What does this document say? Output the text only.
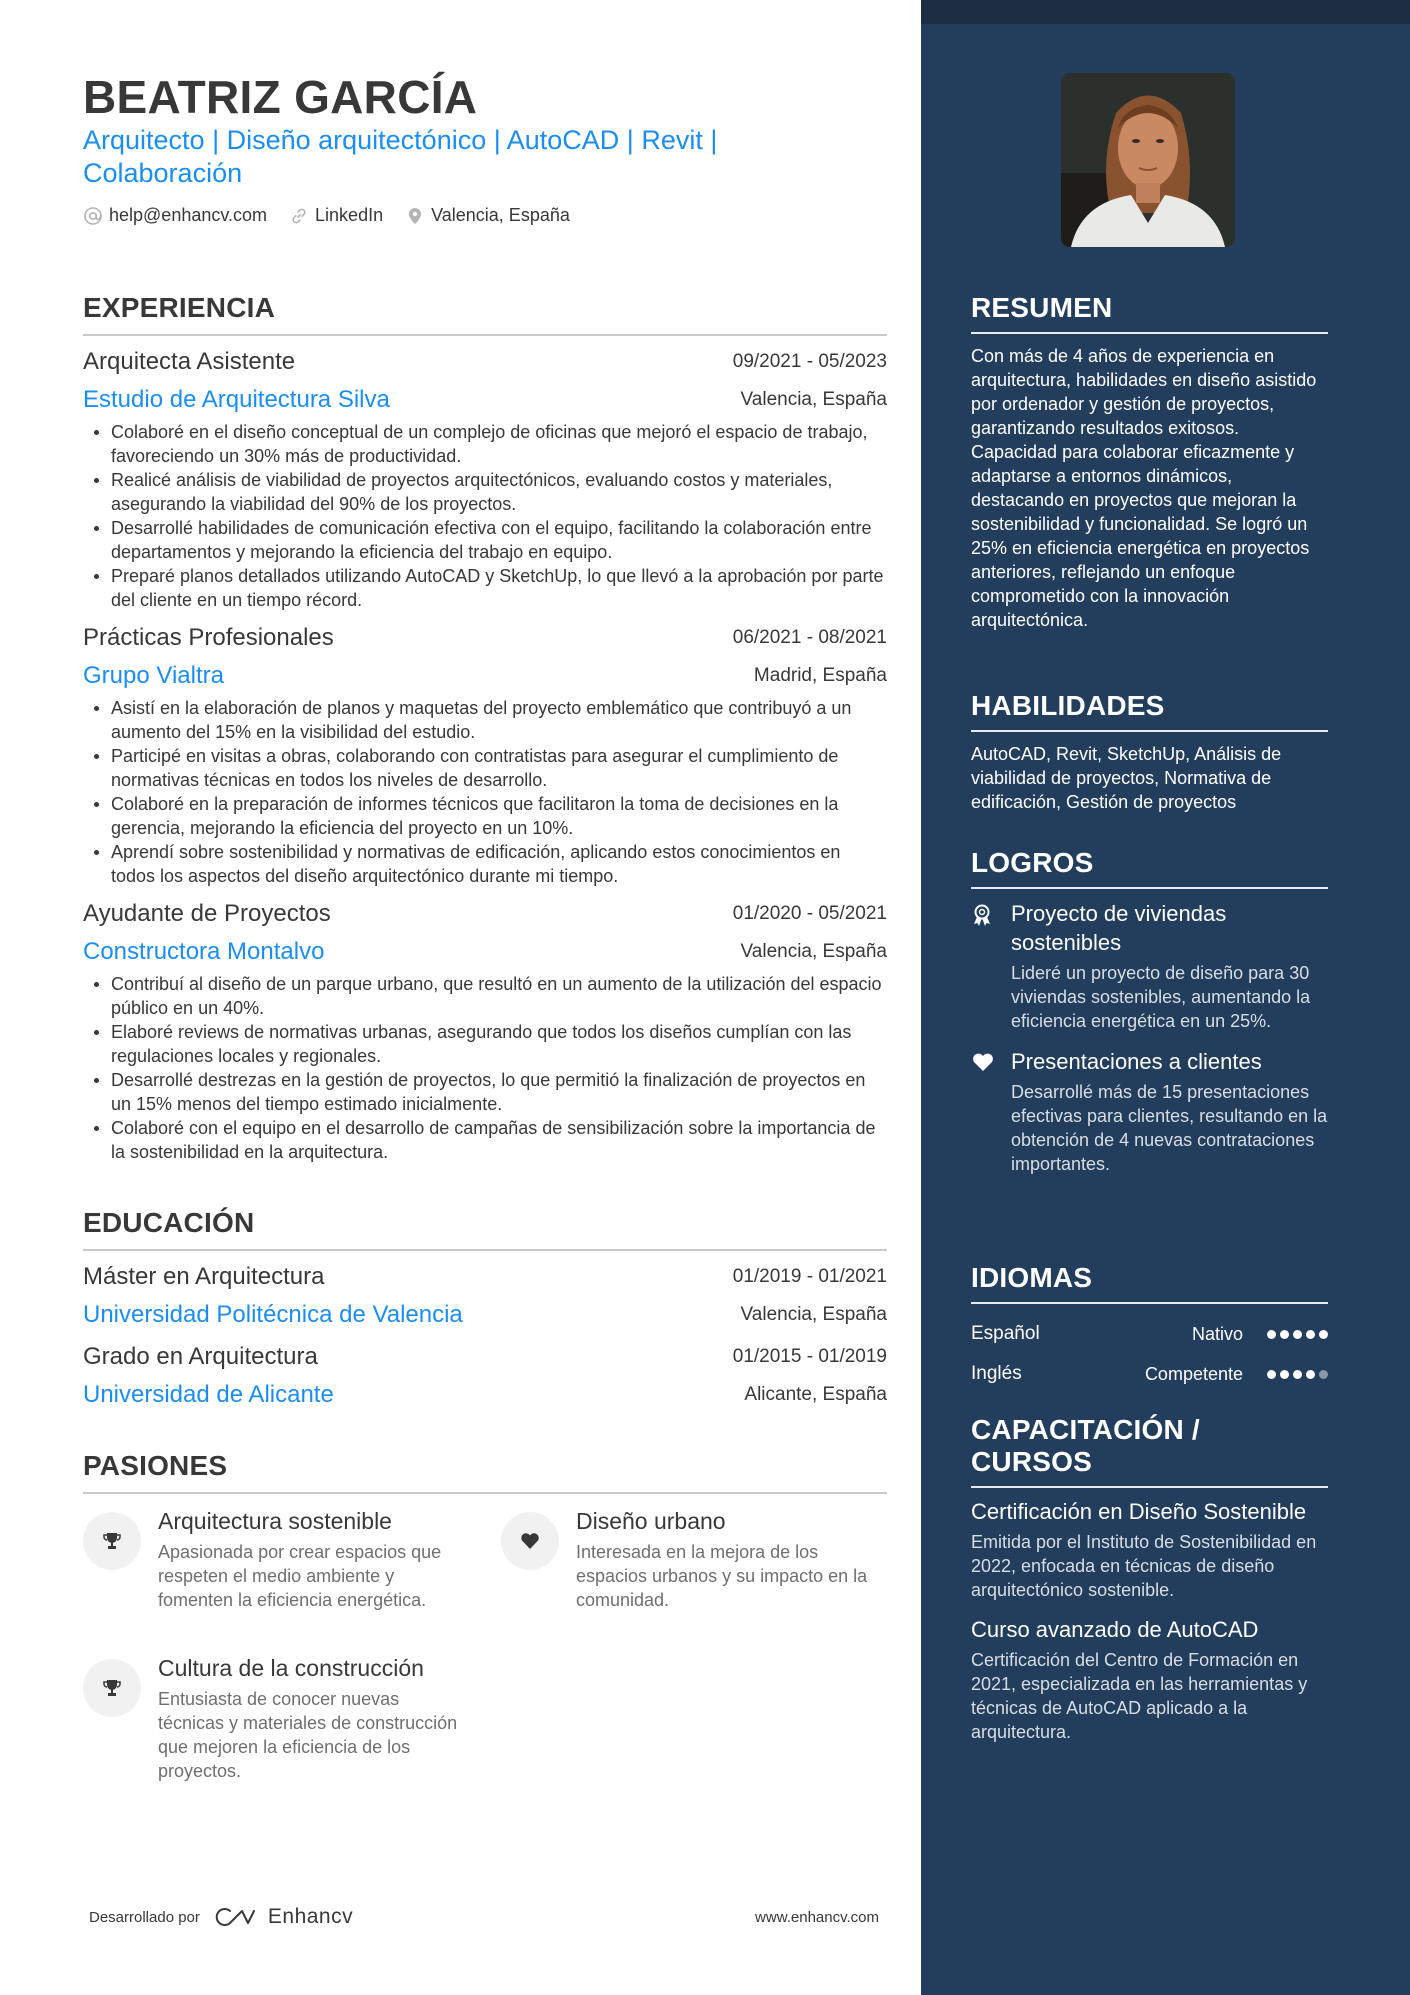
BEATRIZ GARCÍA
Arquitecto | Diseño arquitectónico | AutoCAD | Revit | Colaboración
help@enhancv.com	LinkedIn	Valencia, España
EXPERIENCIA
Arquitecta Asistente	09/2021 - 05/2023
Estudio de Arquitectura Silva	Valencia, España
Colaboré en el diseño conceptual de un complejo de oficinas que mejoró el espacio de trabajo, favoreciendo un 30% más de productividad.
Realicé análisis de viabilidad de proyectos arquitectónicos, evaluando costos y materiales, asegurando la viabilidad del 90% de los proyectos.
Desarrollé habilidades de comunicación efectiva con el equipo, facilitando la colaboración entre departamentos y mejorando la eficiencia del trabajo en equipo.
Preparé planos detallados utilizando AutoCAD y SketchUp, lo que llevó a la aprobación por parte del cliente en un tiempo récord.
Prácticas Profesionales	06/2021 - 08/2021
Grupo Vialtra	Madrid, España
Asistí en la elaboración de planos y maquetas del proyecto emblemático que contribuyó a un aumento del 15% en la visibilidad del estudio.
Participé en visitas a obras, colaborando con contratistas para asegurar el cumplimiento de normativas técnicas en todos los niveles de desarrollo.
Colaboré en la preparación de informes técnicos que facilitaron la toma de decisiones en la gerencia, mejorando la eficiencia del proyecto en un 10%.
Aprendí sobre sostenibilidad y normativas de edificación, aplicando estos conocimientos en todos los aspectos del diseño arquitectónico durante mi tiempo.
Ayudante de Proyectos	01/2020 - 05/2021
Constructora Montalvo	Valencia, España
Contribuí al diseño de un parque urbano, que resultó en un aumento de la utilización del espacio público en un 40%.
Elaboré reviews de normativas urbanas, asegurando que todos los diseños cumplían con las regulaciones locales y regionales.
Desarrollé destrezas en la gestión de proyectos, lo que permitió la finalización de proyectos en un 15% menos del tiempo estimado inicialmente.
Colaboré con el equipo en el desarrollo de campañas de sensibilización sobre la importancia de la sostenibilidad en la arquitectura.
EDUCACIÓN
Máster en Arquitectura	01/2019 - 01/2021
Universidad Politécnica de Valencia	Valencia, España
Grado en Arquitectura	01/2015 - 01/2019
Universidad de Alicante	Alicante, España
PASIONES
Arquitectura sostenible
Apasionada por crear espacios que respeten el medio ambiente y fomenten la eficiencia energética.
Diseño urbano
Interesada en la mejora de los espacios urbanos y su impacto en la comunidad.
Cultura de la construcción
Entusiasta de conocer nuevas técnicas y materiales de construcción que mejoren la eficiencia de los proyectos.
Desarrollado por	Enhancv	www.enhancv.com
RESUMEN

Con más de 4 años de experiencia en arquitectura, habilidades en diseño asistido por ordenador y gestión de proyectos, garantizando resultados exitosos. Capacidad para colaborar eficazmente y adaptarse a entornos dinámicos, destacando en proyectos que mejoran la sostenibilidad y funcionalidad. Se logró un 25% en eficiencia energética en proyectos anteriores, reflejando un enfoque comprometido con la innovación arquitectónica.

HABILIDADES

AutoCAD, Revit, SketchUp, Análisis de viabilidad de proyectos, Normativa de edificación, Gestión de proyectos

LOGROS
Proyecto de viviendas sostenibles
Lideré un proyecto de diseño para 30 viviendas sostenibles, aumentando la eficiencia energética en un 25%.
Presentaciones a clientes
Desarrollé más de 15 presentaciones efectivas para clientes, resultando en la obtención de 4 nuevas contrataciones importantes.
IDIOMAS
Español	Nativo
Inglés	Competente
CAPACITACIÓN / CURSOS
Certificación en Diseño Sostenible
Emitida por el Instituto de Sostenibilidad en 2022, enfocada en técnicas de diseño arquitectónico sostenible.
Curso avanzado de AutoCAD
Certificación del Centro de Formación en 2021, especializada en las herramientas y técnicas de AutoCAD aplicado a la arquitectura.
